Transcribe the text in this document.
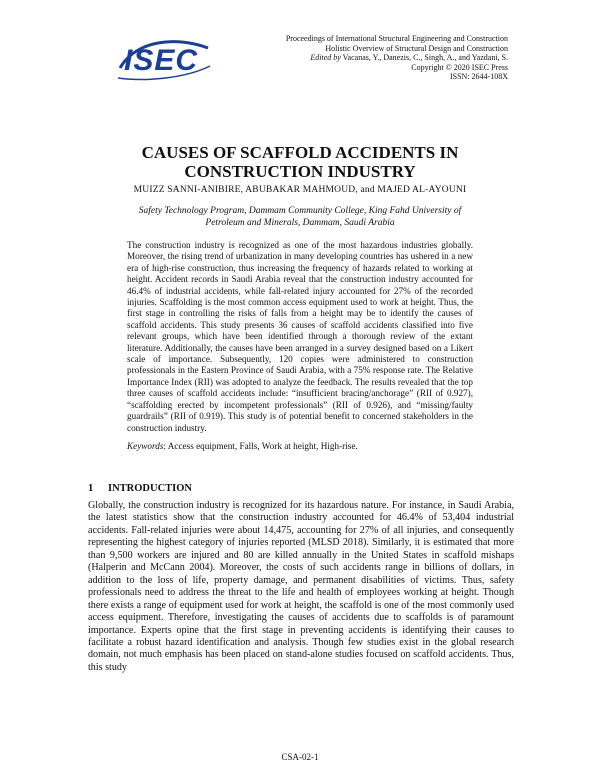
ISEC
Proceedings of International Structural Engineering and Construction
Holistic Overview of Structural Design and Construction
Edited by Vacanas, Y., Danezis, C., Singh, A., and Yazdani, S.
Copyright © 2020 ISEC Press
ISSN: 2644-108X
CAUSES OF SCAFFOLD ACCIDENTS IN
CONSTRUCTION INDUSTRY
MUIZZ SANNI-ANIBIRE, ABUBAKAR MAHMOUD, and MAJED AL-AYOUNI
Safety Technology Program, Dammam Community College, King Fahd University of
Petroleum and Minerals, Dammam, Saudi Arabia
The construction industry is recognized as one of the most hazardous industries globally. Moreover, the rising trend of urbanization in many developing countries has ushered in a new era of high-rise construction, thus increasing the frequency of hazards related to working at height. Accident records in Saudi Arabia reveal that the construction industry accounted for 46.4% of industrial accidents, while fall-related injury accounted for 27% of the recorded injuries. Scaffolding is the most common access equipment used to work at height. Thus, the first stage in controlling the risks of falls from a height may be to identify the causes of scaffold accidents. This study presents 36 causes of scaffold accidents classified into five relevant groups, which have been identified through a thorough review of the extant literature. Additionally, the causes have been arranged in a survey designed based on a Likert scale of importance. Subsequently, 120 copies were administered to construction professionals in the Eastern Province of Saudi Arabia, with a 75% response rate. The Relative Importance Index (RII) was adopted to analyze the feedback. The results revealed that the top three causes of scaffold accidents include: “insufficient bracing/anchorage” (RII of 0.927), “scaffolding erected by incompetent professionals” (RII of 0.926), and “missing/faulty guardrails” (RII of 0.919). This study is of potential benefit to concerned stakeholders in the construction industry.
Keywords: Access equipment, Falls, Work at height, High-rise.
1 INTRODUCTION
Globally, the construction industry is recognized for its hazardous nature. For instance, in Saudi Arabia, the latest statistics show that the construction industry accounted for 46.4% of 53,404 industrial accidents. Fall-related injuries were about 14,475, accounting for 27% of all injuries, and consequently representing the highest category of injuries reported (MLSD 2018). Similarly, it is estimated that more than 9,500 workers are injured and 80 are killed annually in the United States in scaffold mishaps (Halperin and McCann 2004). Moreover, the costs of such accidents range in billions of dollars, in addition to the loss of life, property damage, and permanent disabilities of victims. Thus, safety professionals need to address the threat to the life and health of employees working at height. Though there exists a range of equipment used for work at height, the scaffold is one of the most commonly used access equipment. Therefore, investigating the causes of accidents due to scaffolds is of paramount importance. Experts opine that the first stage in preventing accidents is identifying their causes to facilitate a robust hazard identification and analysis. Though few studies exist in the global research domain, not much emphasis has been placed on stand-alone studies focused on scaffold accidents. Thus, this study
CSA-02-1
